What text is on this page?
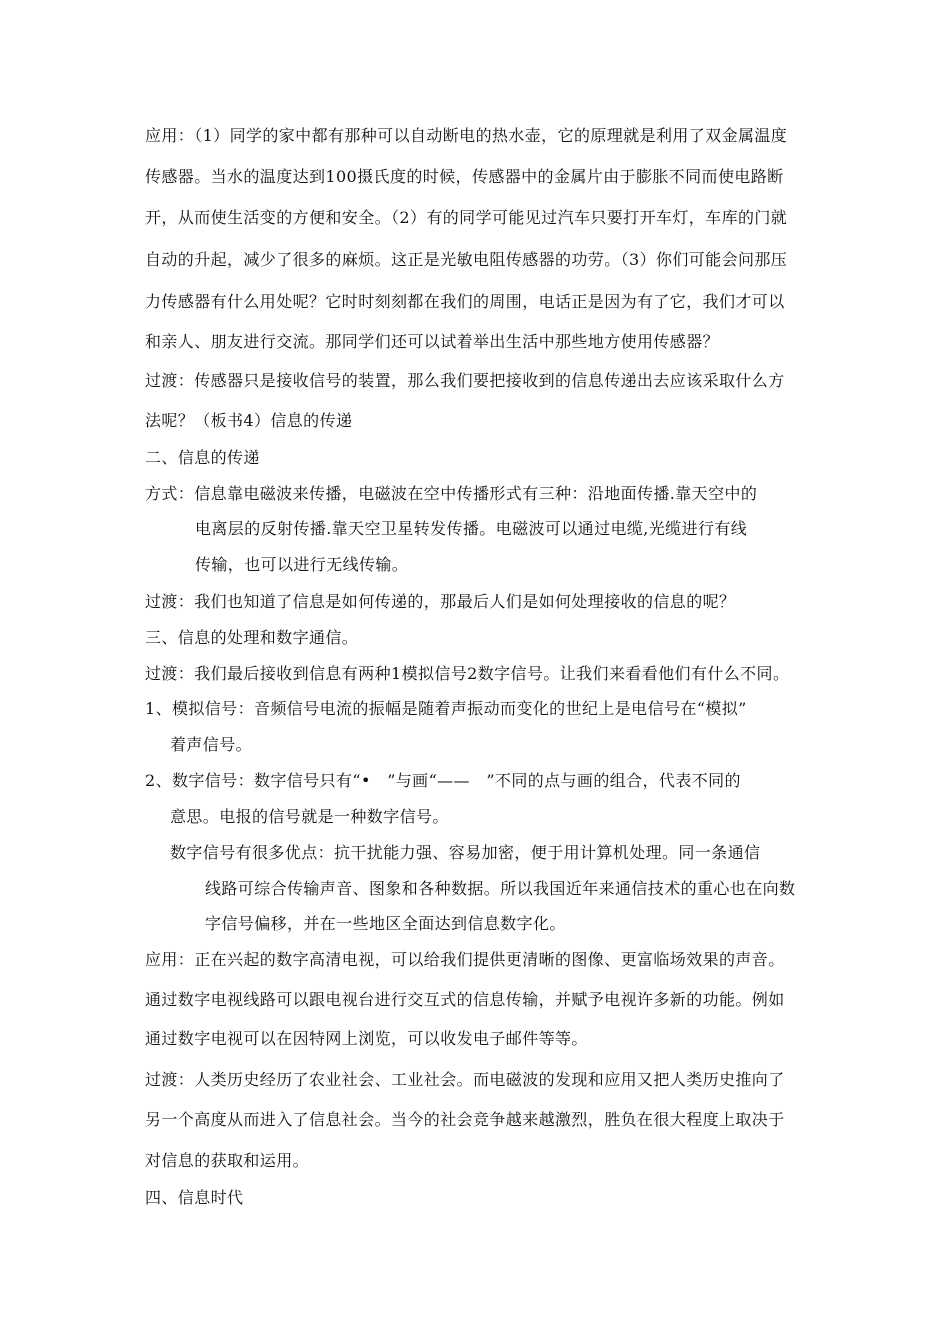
应用：（1）同学的家中都有那种可以自动断电的热水壶，它的原理就是利用了双金属温度
传感器。当水的温度达到100摄氏度的时候，传感器中的金属片由于膨胀不同而使电路断
开，从而使生活变的方便和安全。（2）有的同学可能见过汽车只要打开车灯，车库的门就
自动的升起，减少了很多的麻烦。这正是光敏电阻传感器的功劳。（3）你们可能会问那压
力传感器有什么用处呢？它时时刻刻都在我们的周围，电话正是因为有了它，我们才可以
和亲人、朋友进行交流。那同学们还可以试着举出生活中那些地方使用传感器？
过渡：传感器只是接收信号的装置，那么我们要把接收到的信息传递出去应该采取什么方
法呢？（板书4）信息的传递
二、信息的传递
方式：信息靠电磁波来传播，电磁波在空中传播形式有三种：沿地面传播.靠天空中的
电离层的反射传播.靠天空卫星转发传播。电磁波可以通过电缆,光缆进行有线
传输，也可以进行无线传输。
过渡：我们也知道了信息是如何传递的，那最后人们是如何处理接收的信息的呢？
三、信息的处理和数字通信。
过渡：我们最后接收到信息有两种1模拟信号2数字信号。让我们来看看他们有什么不同。
1、模拟信号：音频信号电流的振幅是随着声振动而变化的世纪上是电信号在“模拟”
着声信号。
2、数字信号：数字信号只有“•　”与画“——　”不同的点与画的组合，代表不同的
意思。电报的信号就是一种数字信号。
数字信号有很多优点：抗干扰能力强、容易加密，便于用计算机处理。同一条通信
线路可综合传输声音、图象和各种数据。所以我国近年来通信技术的重心也在向数
字信号偏移，并在一些地区全面达到信息数字化。
应用：正在兴起的数字高清电视，可以给我们提供更清晰的图像、更富临场效果的声音。
通过数字电视线路可以跟电视台进行交互式的信息传输，并赋予电视许多新的功能。例如
通过数字电视可以在因特网上浏览，可以收发电子邮件等等。
过渡：人类历史经历了农业社会、工业社会。而电磁波的发现和应用又把人类历史推向了
另一个高度从而进入了信息社会。当今的社会竞争越来越激烈，胜负在很大程度上取决于
对信息的获取和运用。
四、信息时代
